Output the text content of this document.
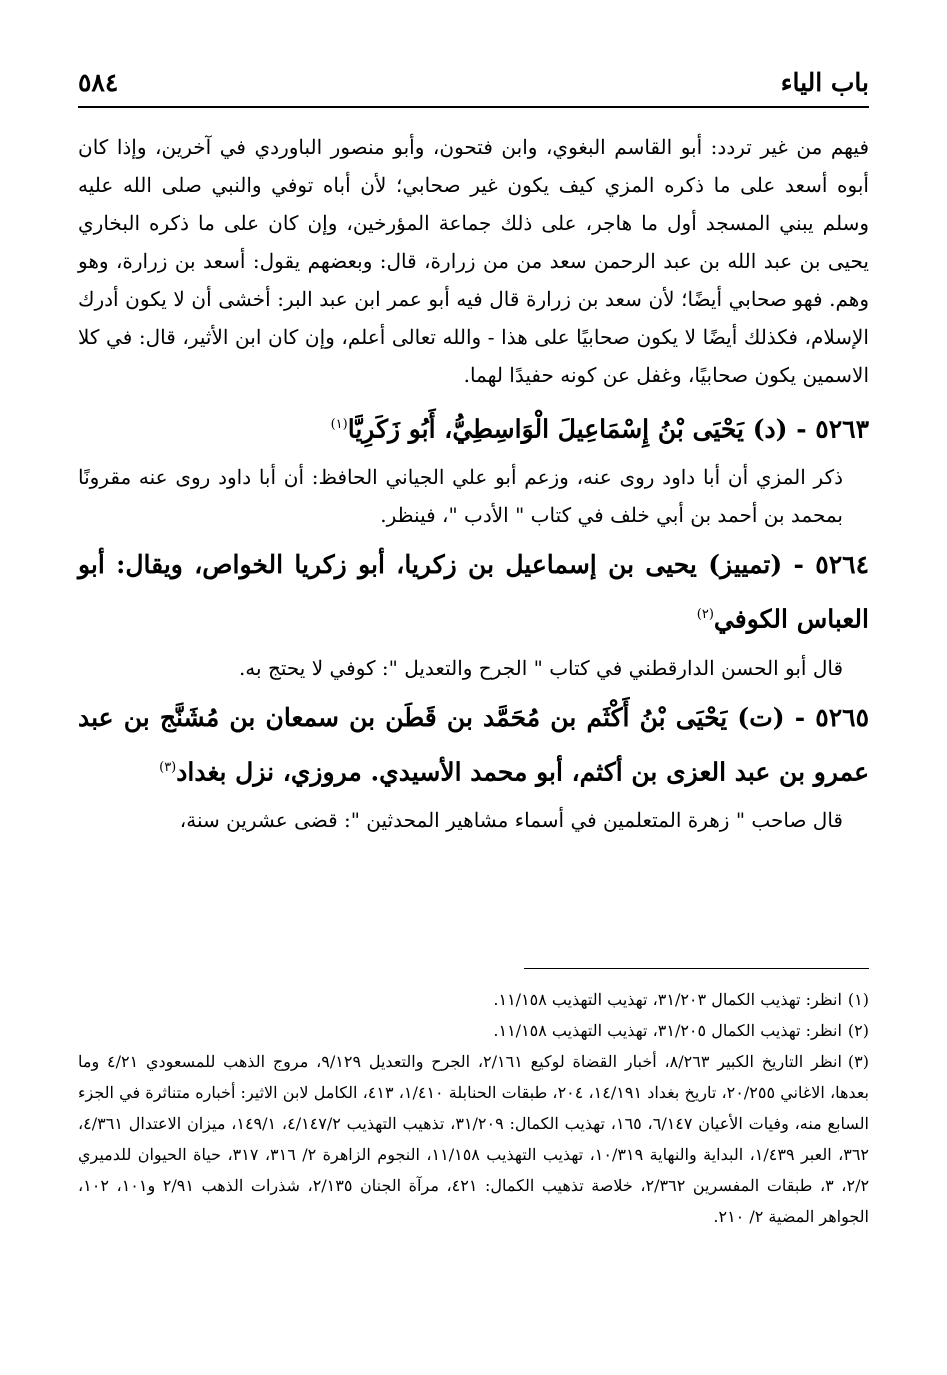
باب الياء
٥٨٤

فيهم من غير تردد: أبو القاسم البغوي، وابن فتحون، وأبو منصور الباوردي في آخرين، وإذا كان أبوه أسعد على ما ذكره المزي كيف يكون غير صحابي؛ لأن أباه توفي والنبي صلى الله عليه وسلم يبني المسجد أول ما هاجر، على ذلك جماعة المؤرخين، وإن كان على ما ذكره البخاري يحيى بن عبد الله بن عبد الرحمن سعد من من زرارة، قال: وبعضهم يقول: أسعد بن زرارة، وهو وهم. فهو صحابي أيضًا؛ لأن سعد بن زرارة قال فيه أبو عمر ابن عبد البر: أخشى أن لا يكون أدرك الإسلام، فكذلك أيضًا لا يكون صحابيًا على هذا - والله تعالى أعلم، وإن كان ابن الأثير، قال: في كلا الاسمين يكون صحابيًا، وغفل عن كونه حفيدًا لهما.

٥٢٦٣ - (د) يَحْيَى بْنُ إِسْمَاعِيلَ الْوَاسِطِيُّ، أَبُو زَكَرِيَّا$^{(١)}$

ذكر المزي أن أبا داود روى عنه، وزعم أبو علي الجياني الحافظ: أن أبا داود روى عنه مقرونًا بمحمد بن أحمد بن أبي خلف في كتاب " الأدب "، فينظر.

٥٢٦٤ - (تمييز) يحيى بن إسماعيل بن زكريا، أبو زكريا الخواص، ويقال: أبو العباس الكوفي$^{(٢)}$

قال أبو الحسن الدارقطني في كتاب " الجرح والتعديل ": كوفي لا يحتج به.

٥٢٦٥ - (ت) يَحْيَى بْنُ أَكْثَم بن مُحَمَّد بن قَطَن بن سمعان بن مُشَنَّج بن عبد عمرو بن عبد العزى بن أكثم، أبو محمد الأسيدي. مروزي، نزل بغداد$^{(٣)}$

قال صاحب " زهرة المتعلمين في أسماء مشاهير المحدثين ": قضى عشرين سنة،

(١)انظر: تهذيب الكمال ٣١/٢٠٣، تهذيب التهذيب ١١/١٥٨.

(٢)انظر: تهذيب الكمال ٣١/٢٠٥، تهذيب التهذيب ١١/١٥٨.

(٣)انظر التاريخ الكبير ٨/٢٦٣، أخبار القضاة لوكيع ٢/١٦١، الجرح والتعديل ٩/١٢٩، مروج الذهب للمسعودي ٤/٢١ وما بعدها، الاغاني ٢٠/٢٥٥، تاريخ بغداد ١٤/١٩١، ٢٠٤، طبقات الحنابلة ١/٤١٠، ٤١٣، الكامل لابن الاثير: أخباره متناثرة في الجزء السابع منه، وفيات الأعيان ٦/١٤٧، ١٦٥، تهذيب الكمال: ٣١/٢٠٩، تذهيب التهذيب ٤/١٤٧/٢، ١٤٩/١، ميزان الاعتدال ٤/٣٦١، ٣٦٢، العبر ١/٤٣٩، البداية والنهاية ١٠/٣١٩، تهذيب التهذيب ١١/١٥٨، النجوم الزاهرة ٢/ ٣١٦، ٣١٧، حياة الحيوان للدميري ٢/٢، ٣، طبقات المفسرين ٢/٣٦٢، خلاصة تذهيب الكمال: ٤٢١، مرآة الجنان ٢/١٣٥، شذرات الذهب ٢/٩١ و١٠١، ١٠٢، الجواهر المضية ٢/ ٢١٠.
